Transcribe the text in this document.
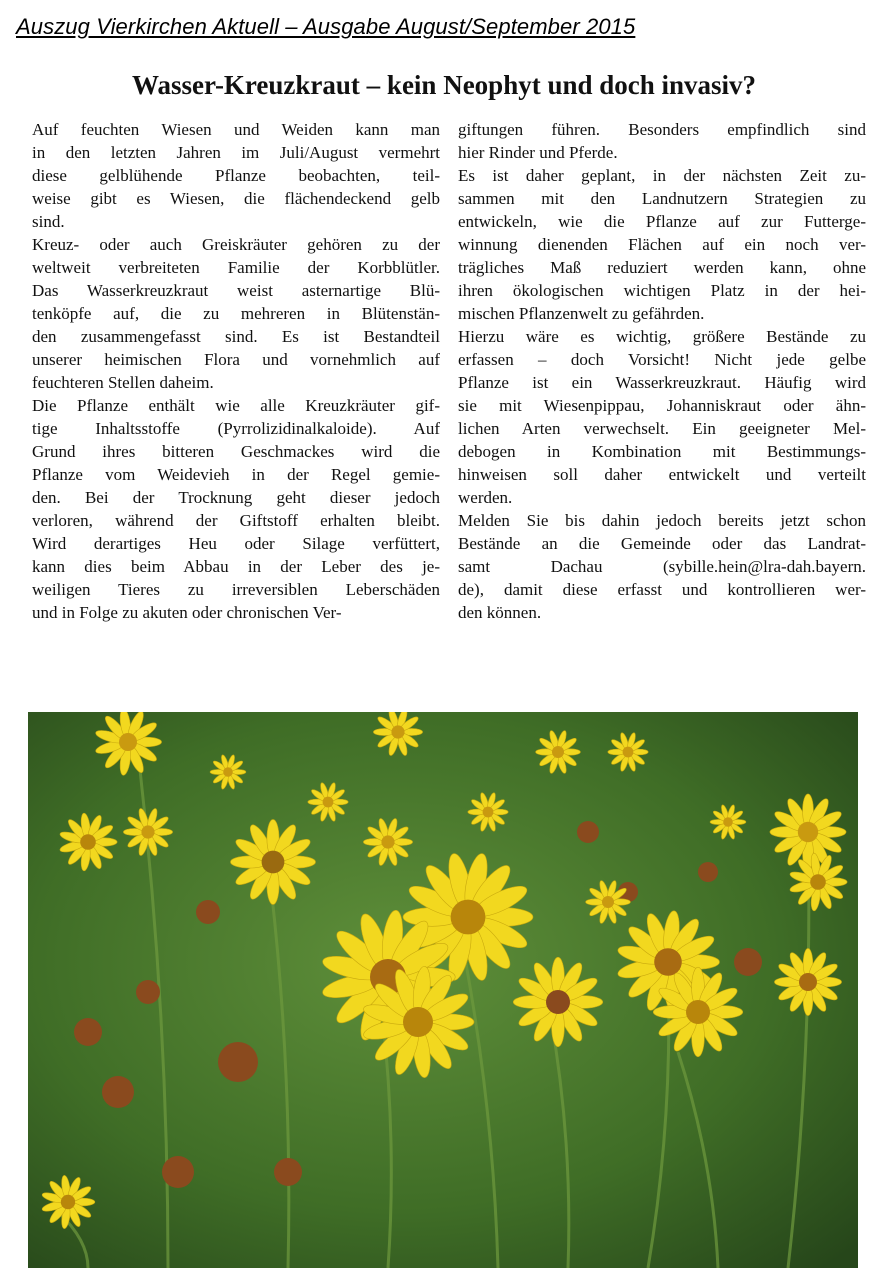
Auszug Vierkirchen Aktuell – Ausgabe August/September 2015
Wasser-Kreuzkraut – kein Neophyt und doch invasiv?
Auf feuchten Wiesen und Weiden kann man
in den letzten Jahren im Juli/August vermehrt
diese gelblühende Pflanze beobachten, teil-
weise gibt es Wiesen, die flächendeckend gelb
sind.
Kreuz- oder auch Greiskräuter gehören zu der
weltweit verbreiteten Familie der Korbblütler.
Das Wasserkreuzkraut weist asternartige Blü-
tenköpfe auf, die zu mehreren in Blütenstän-
den zusammengefasst sind. Es ist Bestandteil
unserer heimischen Flora und vornehmlich auf
feuchteren Stellen daheim.
Die Pflanze enthält wie alle Kreuzkräuter gif-
tige Inhaltsstoffe (Pyrrolizidinalkaloide). Auf
Grund ihres bitteren Geschmackes wird die
Pflanze vom Weidevieh in der Regel gemie-
den. Bei der Trocknung geht dieser jedoch
verloren, während der Giftstoff erhalten bleibt.
Wird derartiges Heu oder Silage verfüttert,
kann dies beim Abbau in der Leber des je-
weiligen Tieres zu irreversiblen Leberschäden
und in Folge zu akuten oder chronischen Ver-
giftungen führen. Besonders empfindlich sind
hier Rinder und Pferde.
Es ist daher geplant, in der nächsten Zeit zu-
sammen mit den Landnutzern Strategien zu
entwickeln, wie die Pflanze auf zur Futterge-
winnung dienenden Flächen auf ein noch ver-
trägliches Maß reduziert werden kann, ohne
ihren ökologischen wichtigen Platz in der hei-
mischen Pflanzenwelt zu gefährden.
Hierzu wäre es wichtig, größere Bestände zu
erfassen – doch Vorsicht! Nicht jede gelbe
Pflanze ist ein Wasserkreuzkraut. Häufig wird
sie mit Wiesenpippau, Johanniskraut oder ähn-
lichen Arten verwechselt. Ein geeigneter Mel-
debogen in Kombination mit Bestimmungs-
hinweisen soll daher entwickelt und verteilt
werden.
Melden Sie bis dahin jedoch bereits jetzt schon
Bestände an die Gemeinde oder das Landrat-
samt Dachau (sybille.hein@lra-dah.bayern.
de), damit diese erfasst und kontrollieren wer-
den können.
